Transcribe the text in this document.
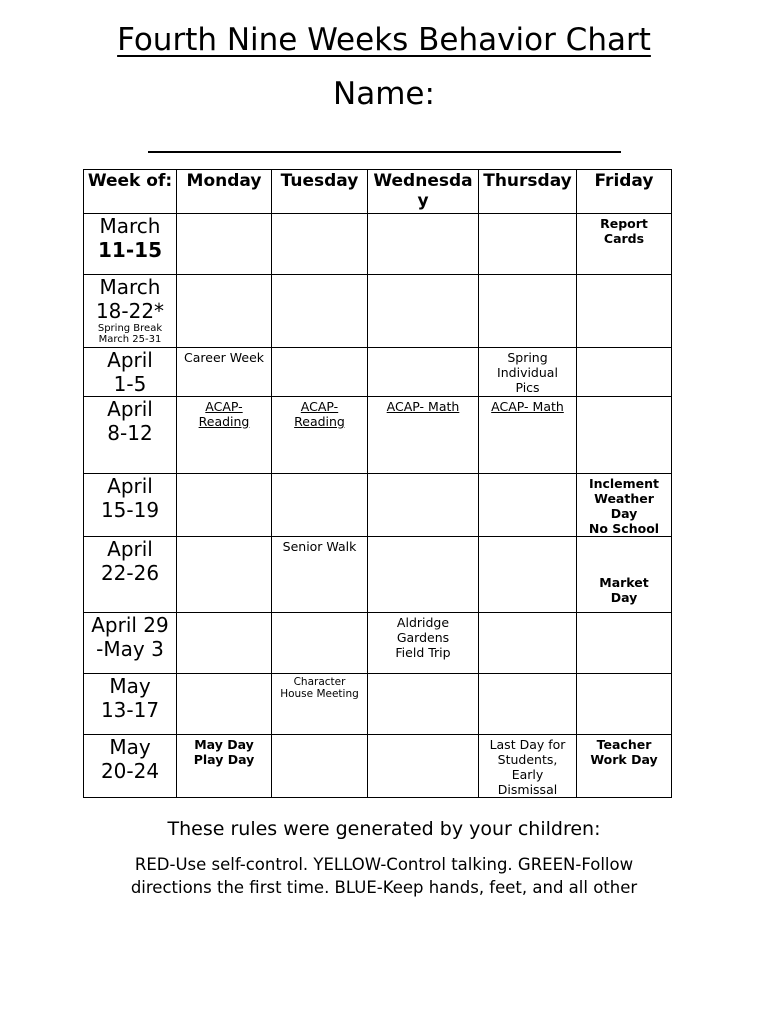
Fourth Nine Weeks Behavior Chart
Name:
Week of:	Monday	Tuesday	Wednesday	Thursday	Friday

March
11-15					Report
Cards

March
18-22*
Spring Break March 25-31					

April
1-5	Career Week			Spring
Individual
Pics	

April
8-12	ACAP-
Reading	ACAP-
Reading	ACAP- Math	ACAP- Math	

April
15-19					Inclement
Weather
Day
No School

April
22-26		Senior Walk			Market
Day

April 29
-May 3			Aldridge
Gardens
Field Trip		

May
13-17		Character
House Meeting			

May
20-24	May Day
Play Day			Last Day for
Students,
Early
Dismissal	Teacher
Work Day
These rules were generated by your children:
RED-Use self-control. YELLOW-Control talking. GREEN-Follow directions the first time. BLUE-Keep hands, feet, and all other
